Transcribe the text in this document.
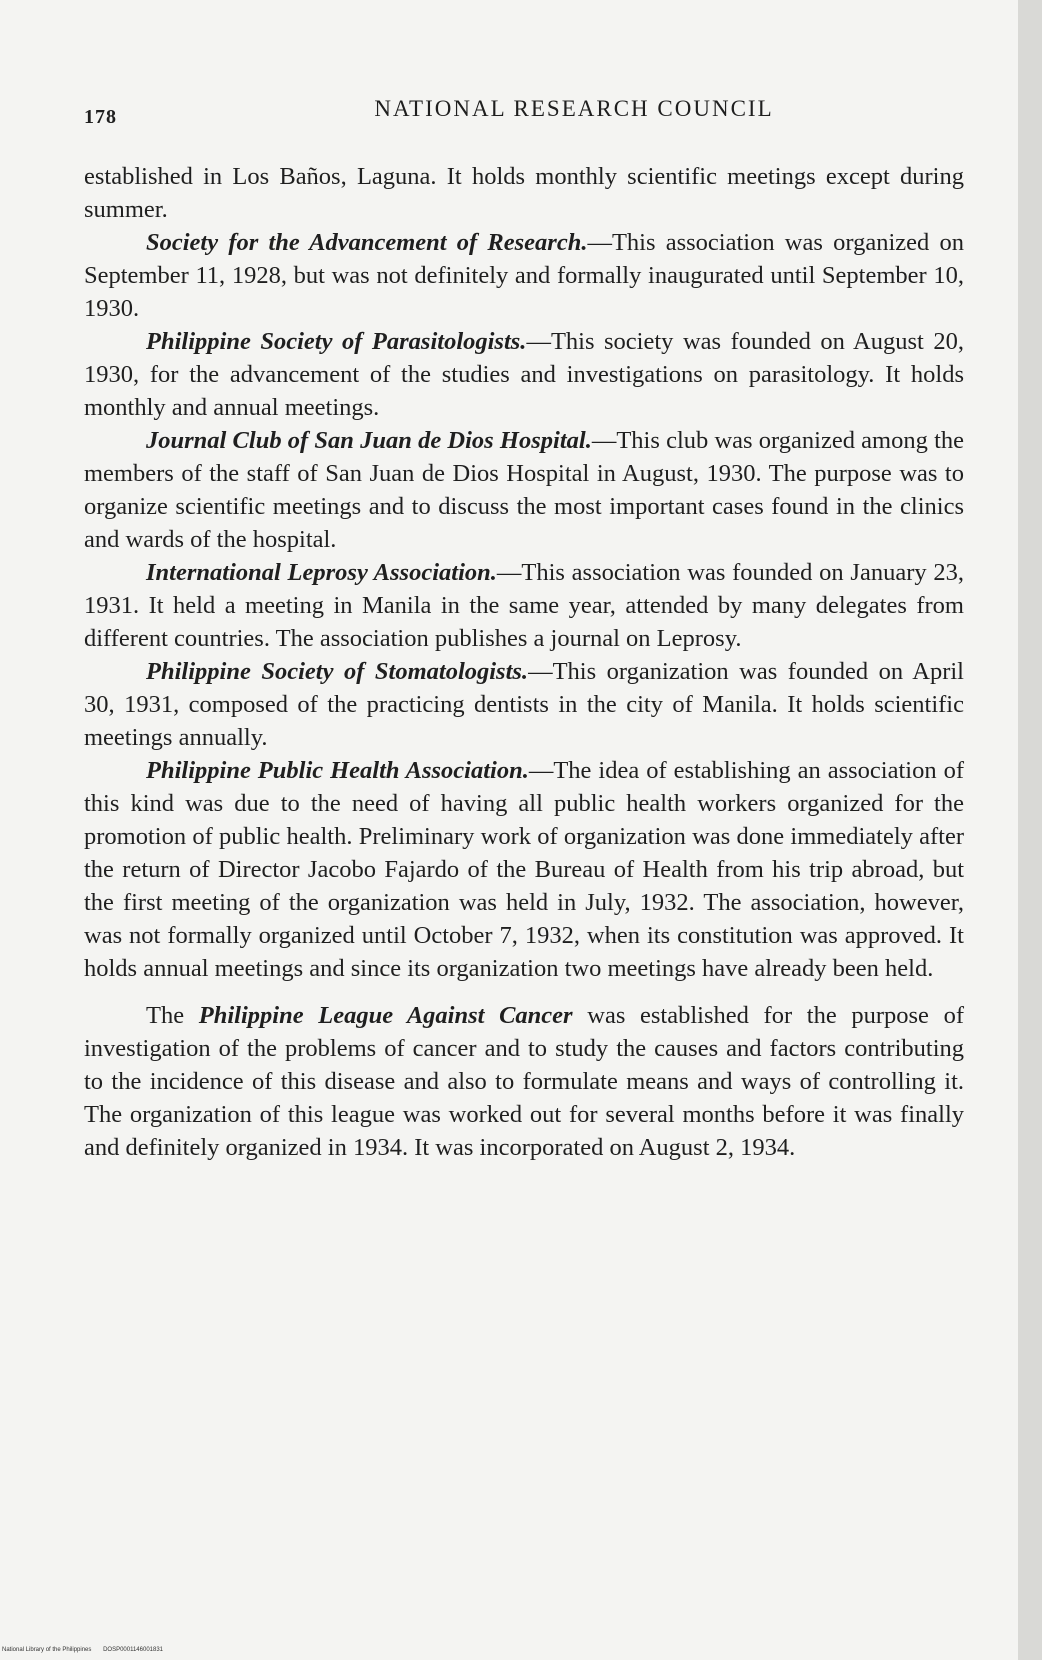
178	NATIONAL RESEARCH COUNCIL

established in Los Baños, Laguna. It holds monthly scientific meetings except during summer.

Society for the Advancement of Research.—This association was organized on September 11, 1928, but was not definitely and formally inaugurated until September 10, 1930.

Philippine Society of Parasitologists.—This society was founded on August 20, 1930, for the advancement of the studies and investigations on parasitology. It holds monthly and annual meetings.

Journal Club of San Juan de Dios Hospital.—This club was organized among the members of the staff of San Juan de Dios Hospital in August, 1930. The purpose was to organize scientific meetings and to discuss the most important cases found in the clinics and wards of the hospital.

International Leprosy Association.—This association was founded on January 23, 1931. It held a meeting in Manila in the same year, attended by many delegates from different countries. The association publishes a journal on Leprosy.

Philippine Society of Stomatologists.—This organization was founded on April 30, 1931, composed of the practicing dentists in the city of Manila. It holds scientific meetings annually.

Philippine Public Health Association.—The idea of establishing an association of this kind was due to the need of having all public health workers organized for the promotion of public health. Preliminary work of organization was done immediately after the return of Director Jacobo Fajardo of the Bureau of Health from his trip abroad, but the first meeting of the organization was held in July, 1932. The association, however, was not formally organized until October 7, 1932, when its constitution was approved. It holds annual meetings and since its organization two meetings have already been held.

The Philippine League Against Cancer was established for the purpose of investigation of the problems of cancer and to study the causes and factors contributing to the incidence of this disease and also to formulate means and ways of controlling it. The organization of this league was worked out for several months before it was finally and definitely organized in 1934. It was incorporated on August 2, 1934.

National Library of the Philippines DOSP0001146001831
